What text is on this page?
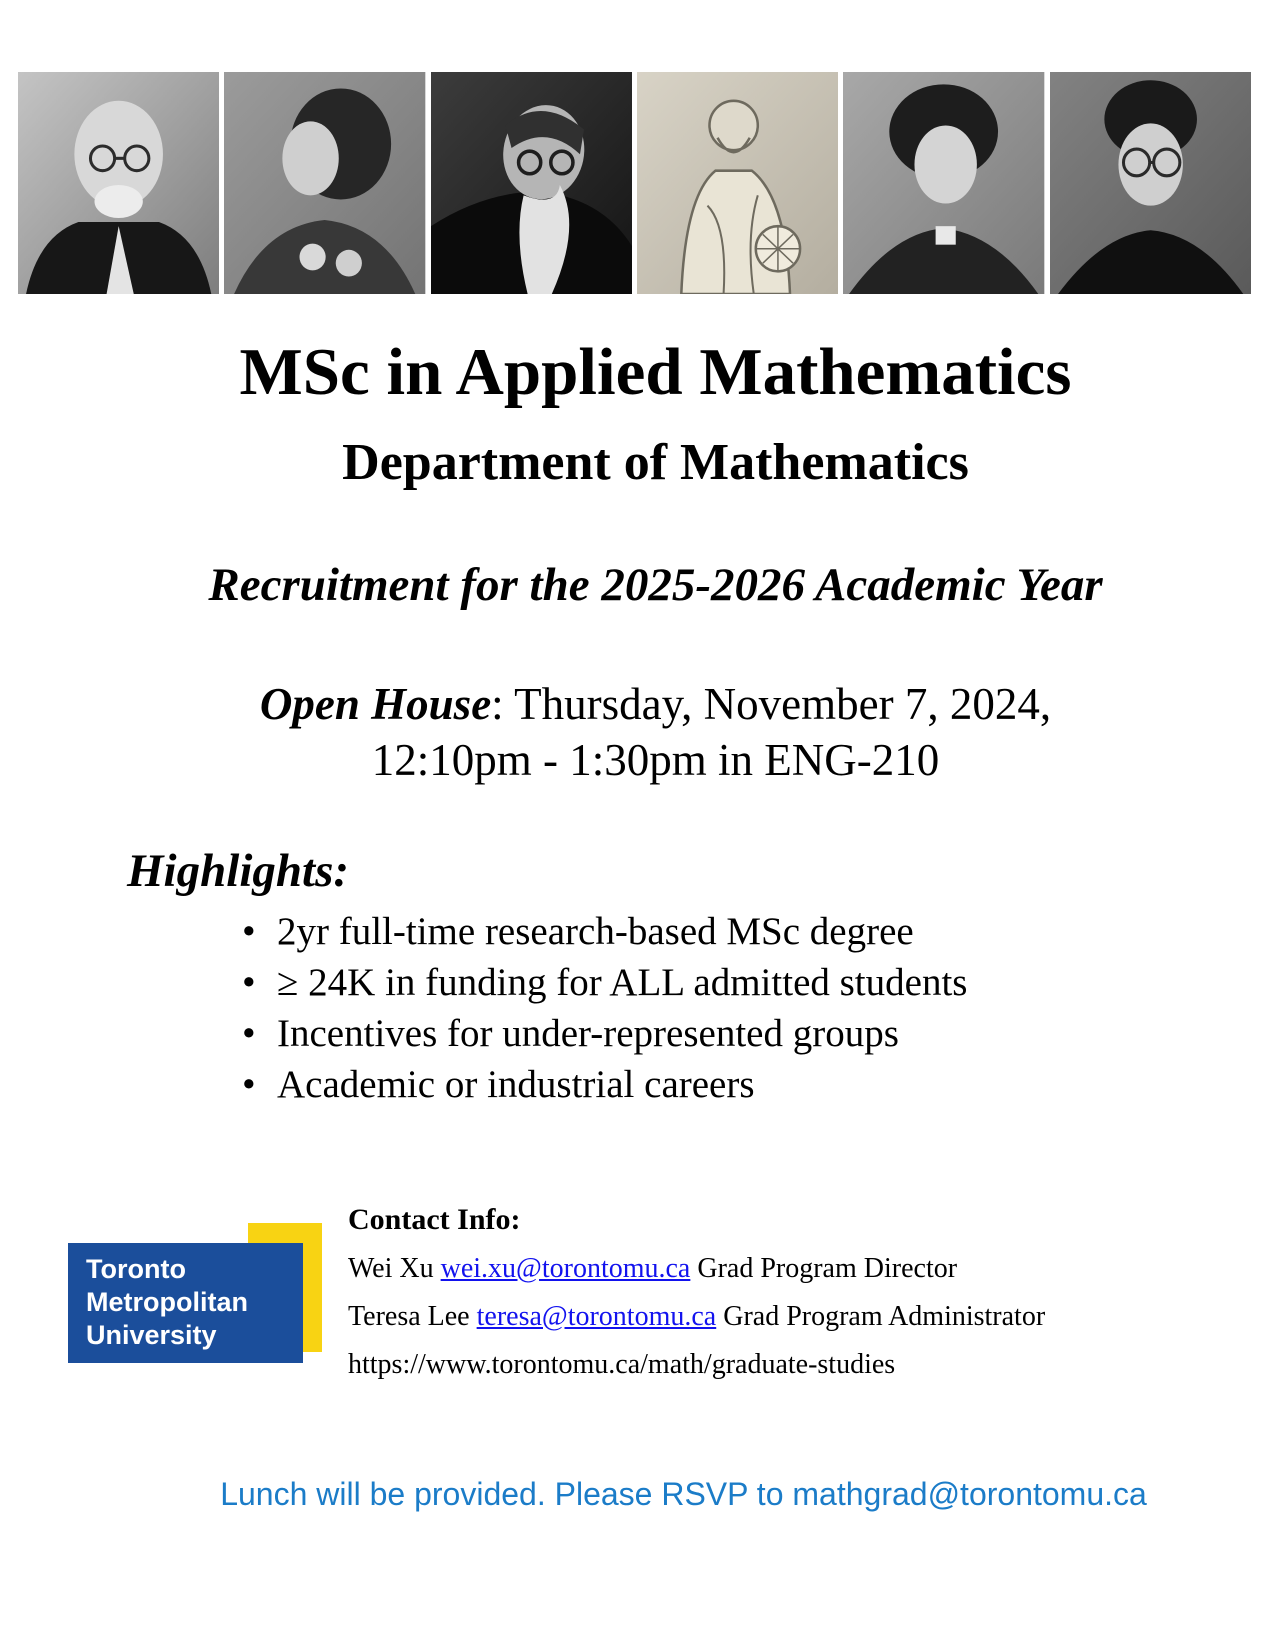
MSc in Applied Mathematics
Department of Mathematics

Recruitment for the 2025-2026 Academic Year

Open House: Thursday, November 7, 2024,
12:10pm - 1:30pm in ENG-210

Highlights:

• 2yr full-time research-based MSc degree
• ≥ 24K in funding for ALL admitted students
• Incentives for under-represented groups
• Academic or industrial careers
Toronto
Metropolitan
University

Contact Info:

Wei Xu wei.xu@torontomu.ca Grad Program Director

Teresa Lee teresa@torontomu.ca Grad Program Administrator

https://www.torontomu.ca/math/graduate-studies

Lunch will be provided. Please RSVP to mathgrad@torontomu.ca
